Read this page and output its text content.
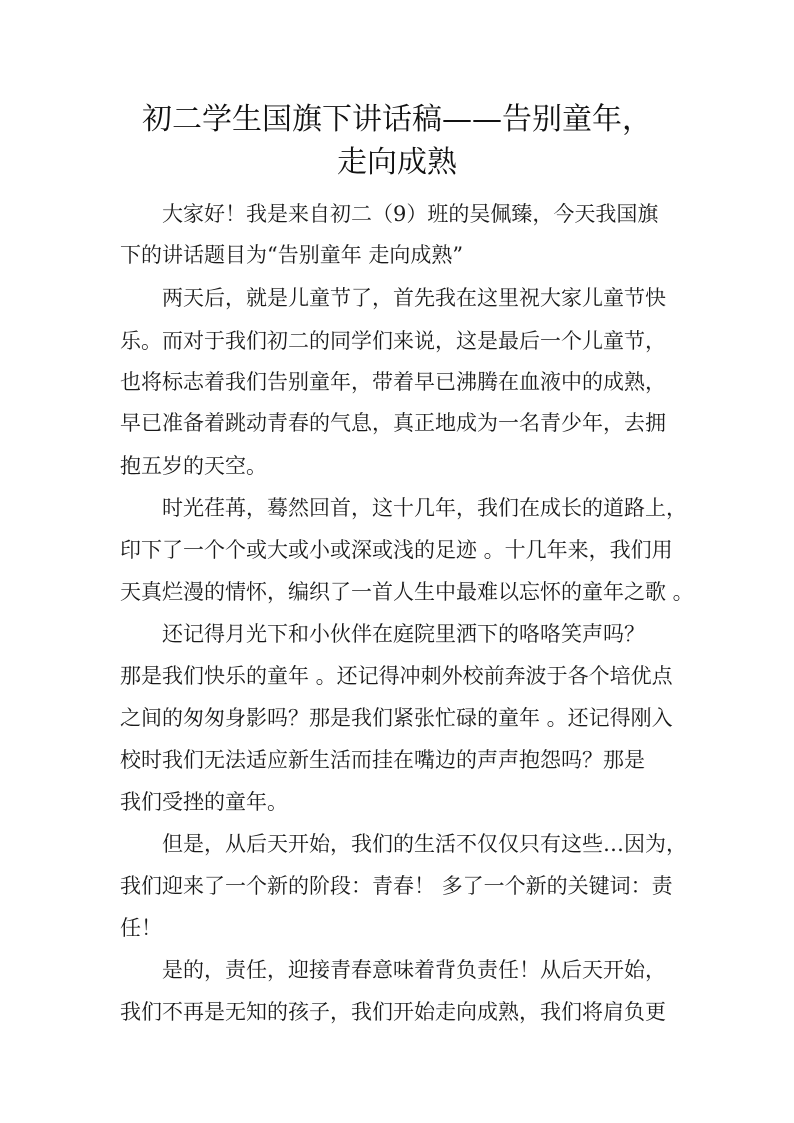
初二学生国旗下讲话稿——告别童年，
走向成熟
大家好！我是来自初二（9）班的吴佩臻，今天我国旗
下的讲话题目为“告别童年 走向成熟”
两天后，就是儿童节了，首先我在这里祝大家儿童节快
乐。而对于我们初二的同学们来说，这是最后一个儿童节，
也将标志着我们告别童年，带着早已沸腾在血液中的成熟，
早已准备着跳动青春的气息，真正地成为一名青少年，去拥
抱五岁的天空。
时光荏苒，蓦然回首，这十几年，我们在成长的道路上，
印下了一个个或大或小或深或浅的足迹 。十几年来，我们用
天真烂漫的情怀，编织了一首人生中最难以忘怀的童年之歌 。
还记得月光下和小伙伴在庭院里洒下的咯咯笑声吗？
那是我们快乐的童年 。还记得冲刺外校前奔波于各个培优点
之间的匆匆身影吗？那是我们紧张忙碌的童年 。还记得刚入
校时我们无法适应新生活而挂在嘴边的声声抱怨吗？那是
我们受挫的童年。
但是，从后天开始，我们的生活不仅仅只有这些…因为，
我们迎来了一个新的阶段：青春！ 多了一个新的关键词：责
任！
是的，责任，迎接青春意味着背负责任！从后天开始，
我们不再是无知的孩子，我们开始走向成熟，我们将肩负更
